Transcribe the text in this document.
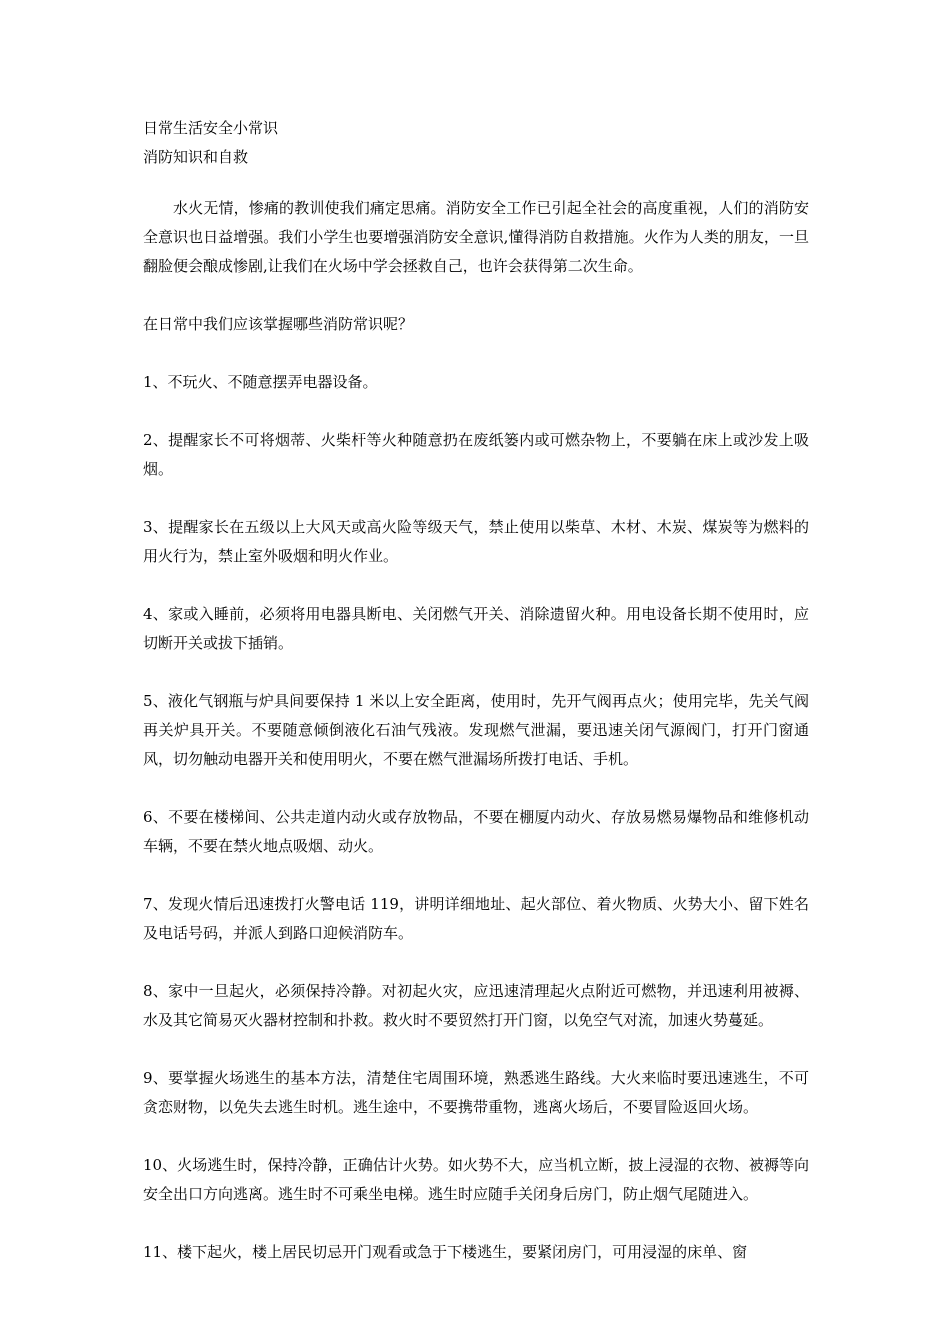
日常生活安全小常识

消防知识和自救

水火无情，惨痛的教训使我们痛定思痛。消防安全工作已引起全社会的高度重视，人们的消防安全意识也日益增强。我们小学生也要增强消防安全意识,懂得消防自救措施。火作为人类的朋友，一旦翻脸便会酿成惨剧,让我们在火场中学会拯救自己，也许会获得第二次生命。

在日常中我们应该掌握哪些消防常识呢？

1、不玩火、不随意摆弄电器设备。

2、提醒家长不可将烟蒂、火柴杆等火种随意扔在废纸篓内或可燃杂物上，不要躺在床上或沙发上吸烟。

3、提醒家长在五级以上大风天或高火险等级天气，禁止使用以柴草、木材、木炭、煤炭等为燃料的用火行为，禁止室外吸烟和明火作业。

4、家或入睡前，必须将用电器具断电、关闭燃气开关、消除遗留火种。用电设备长期不使用时，应切断开关或拔下插销。

5、液化气钢瓶与炉具间要保持 1 米以上安全距离，使用时，先开气阀再点火；使用完毕，先关气阀再关炉具开关。不要随意倾倒液化石油气残液。发现燃气泄漏，要迅速关闭气源阀门，打开门窗通风，切勿触动电器开关和使用明火，不要在燃气泄漏场所拨打电话、手机。

6、不要在楼梯间、公共走道内动火或存放物品，不要在棚厦内动火、存放易燃易爆物品和维修机动车辆，不要在禁火地点吸烟、动火。

7、发现火情后迅速拨打火警电话 119，讲明详细地址、起火部位、着火物质、火势大小、留下姓名及电话号码，并派人到路口迎候消防车。

8、家中一旦起火，必须保持冷静。对初起火灾，应迅速清理起火点附近可燃物，并迅速利用被褥、水及其它简易灭火器材控制和扑救。救火时不要贸然打开门窗，以免空气对流，加速火势蔓延。

9、要掌握火场逃生的基本方法，清楚住宅周围环境，熟悉逃生路线。大火来临时要迅速逃生，不可贪恋财物，以免失去逃生时机。逃生途中，不要携带重物，逃离火场后，不要冒险返回火场。

10、火场逃生时，保持冷静，正确估计火势。如火势不大，应当机立断，披上浸湿的衣物、被褥等向安全出口方向逃离。逃生时不可乘坐电梯。逃生时应随手关闭身后房门，防止烟气尾随进入。

11、楼下起火，楼上居民切忌开门观看或急于下楼逃生，要紧闭房门，可用浸湿的床单、窗
